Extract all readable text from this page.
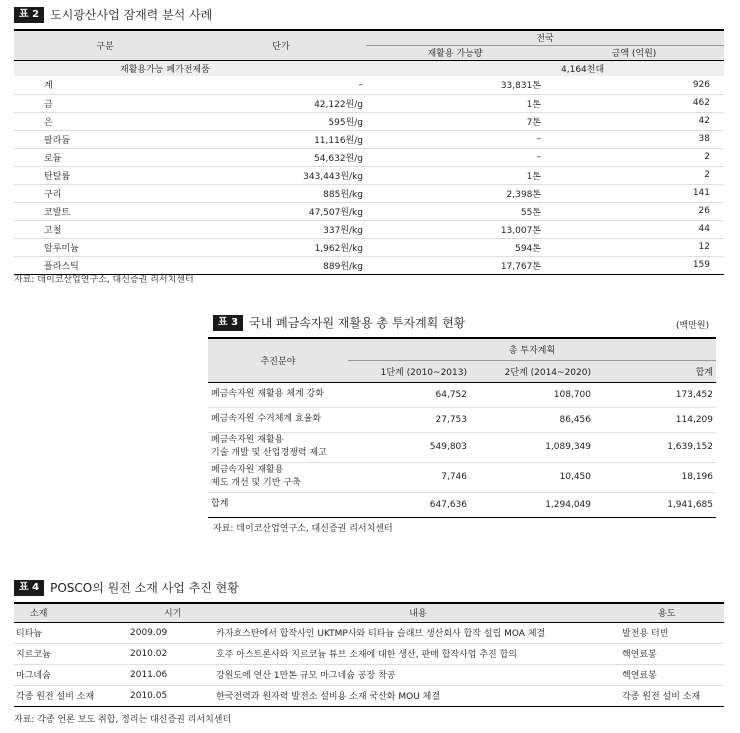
표 2 도시광산사업 잠재력 분석 사례
구분	단가	전국	
		재활용 가능량	금액 (억원)
재활용가능 폐가전제품		4,164천대	
계	–	33,831톤	926
금	42,122원/g	1톤	462
은	595원/g	7톤	42
팔라듐	11,116원/g	–	38
로듐	54,632원/g	–	2
탄탈륨	343,443원/kg	1톤	2
구리	885원/kg	2,398톤	141
코발트	47,507원/kg	55톤	26
고철	337원/kg	13,007톤	44
알루미늄	1,962원/kg	594톤	12
플라스틱	889원/kg	17,767톤	159
자료: 데이코산업연구소, 대신증권 리서치센터
표 3 국내 폐금속자원 재활용 총 투자계획 현황	(백만원)
추진분야	총 투자계획		
	1단계 (2010~2013)	2단계 (2014~2020)	합계

폐금속자원 재활용 체계 강화	64,752	108,700	173,452

폐금속자원 수거체계 효율화	27,753	86,456	114,209

폐금속자원 재활용
기술 개발 및 산업경쟁력 제고	549,803	1,089,349	1,639,152

폐금속자원 재활용
제도 개선 및 기반 구축	7,746	10,450	18,196

합계	647,636	1,294,049	1,941,685
자료: 데이코산업연구소, 대신증권 리서치센터
표 4 POSCO의 원전 소재 사업 추진 현황
소재	시기	내용	용도
티타늄	2009.09	카자흐스탄에서 합작사인 UKTMP사와 티타늄 슬래브 생산회사 합작 설립 MOA 체결	발전용 터빈
지르코늄	2010.02	호주 아스트론사와 지르코늄 튜브 소재에 대한 생산, 판매 합작사업 추진 합의	핵연료봉
마그네슘	2011.06	강원도에 연산 1만톤 규모 마그네슘 공장 착공	핵연료봉
각종 원전 설비 소재	2010.05	한국전력과 원자력 발전소 설비용 소재 국산화 MOU 체결	각종 원전 설비 소재
자료: 각종 언론 보도 취합, 정리는 대신증권 리서치센터
